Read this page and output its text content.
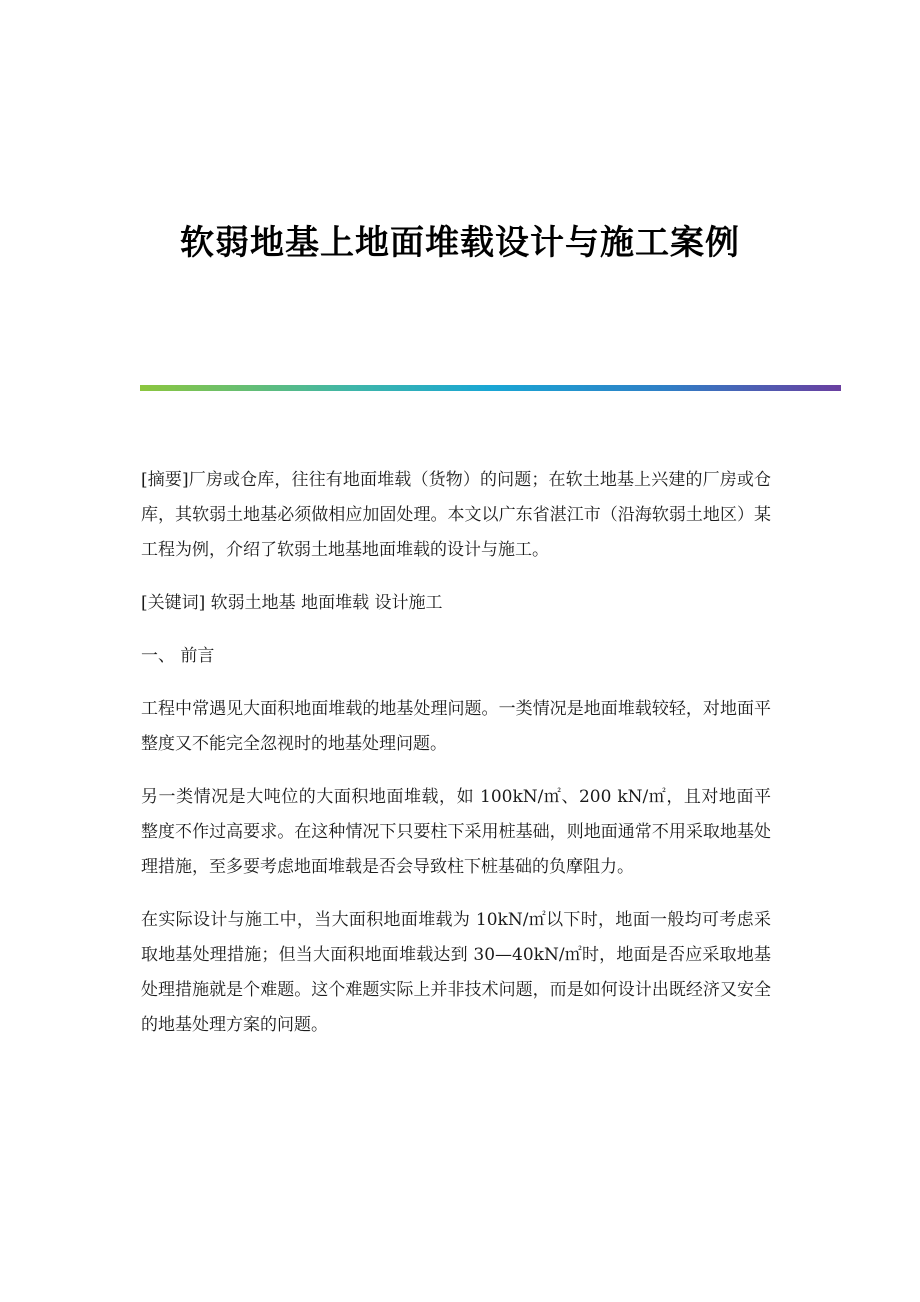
软弱地基上地面堆载设计与施工案例

[摘要]厂房或仓库，往往有地面堆载（货物）的问题；在软土地基上兴建的厂房或仓库，其软弱土地基必须做相应加固处理。本文以广东省湛江市（沿海软弱土地区）某工程为例，介绍了软弱土地基地面堆载的设计与施工。

[关键词] 软弱土地基 地面堆载 设计施工

一、 前言

工程中常遇见大面积地面堆载的地基处理问题。一类情况是地面堆载较轻，对地面平整度又不能完全忽视时的地基处理问题。

另一类情况是大吨位的大面积地面堆载，如 100kN/㎡、200 kN/㎡，且对地面平整度不作过高要求。在这种情况下只要柱下采用桩基础，则地面通常不用采取地基处理措施，至多要考虑地面堆载是否会导致柱下桩基础的负摩阻力。

在实际设计与施工中，当大面积地面堆载为 10kN/㎡以下时，地面一般均可考虑采取地基处理措施；但当大面积地面堆载达到 30—40kN/㎡时，地面是否应采取地基处理措施就是个难题。这个难题实际上并非技术问题，而是如何设计出既经济又安全的地基处理方案的问题。
